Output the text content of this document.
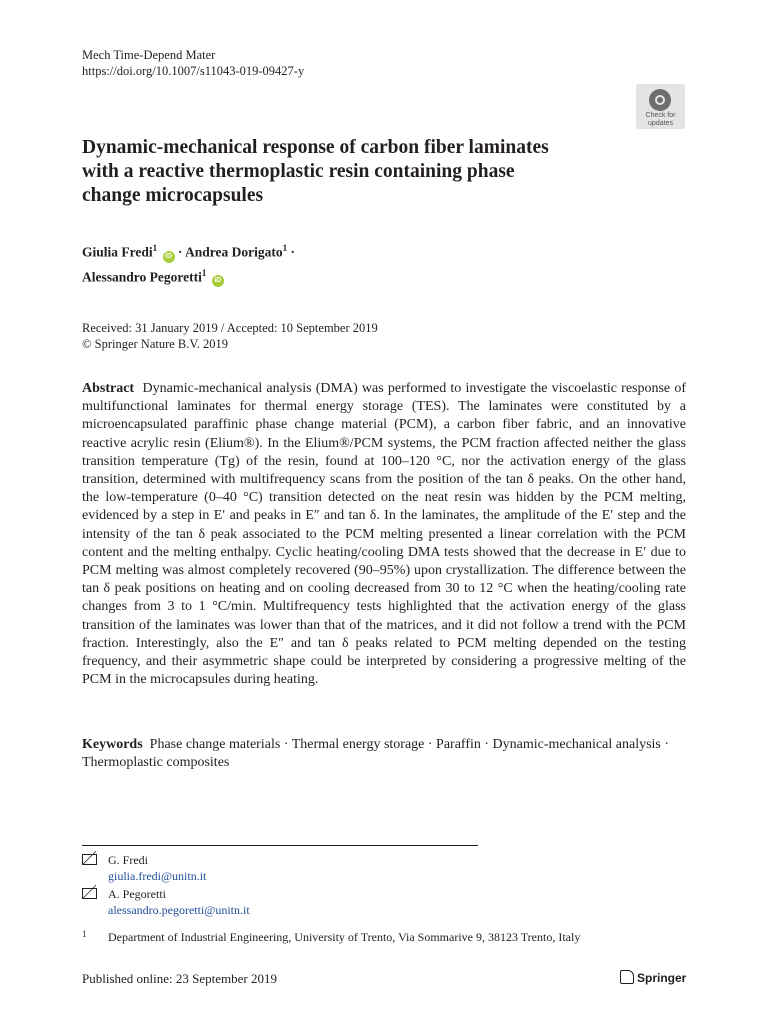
Mech Time-Depend Mater
https://doi.org/10.1007/s11043-019-09427-y
Check for
updates
Dynamic-mechanical response of carbon fiber laminates
with a reactive thermoplastic resin containing phase
change microcapsules
Giulia Fredi$^1$ iD · Andrea Dorigato$^1$ ·
Alessandro Pegoretti$^1$ iD
Received: 31 January 2019 / Accepted: 10 September 2019
© Springer Nature B.V. 2019
Abstract Dynamic-mechanical analysis (DMA) was performed to investigate the viscoelastic response of multifunctional laminates for thermal energy storage (TES). The laminates were constituted by a microencapsulated paraffinic phase change material (PCM), a carbon fiber fabric, and an innovative reactive acrylic resin (Elium®). In the Elium®/PCM systems, the PCM fraction affected neither the glass transition temperature (Tg) of the resin, found at 100–120 °C, nor the activation energy of the glass transition, determined with multifrequency scans from the position of the tan δ peaks. On the other hand, the low-temperature (0–40 °C) transition detected on the neat resin was hidden by the PCM melting, evidenced by a step in E′ and peaks in E″ and tan δ. In the laminates, the amplitude of the E′ step and the intensity of the tan δ peak associated to the PCM melting presented a linear correlation with the PCM content and the melting enthalpy. Cyclic heating/cooling DMA tests showed that the decrease in E′ due to PCM melting was almost completely recovered (90–95%) upon crystallization. The difference between the tan δ peak positions on heating and on cooling decreased from 30 to 12 °C when the heating/cooling rate changes from 3 to 1 °C/min. Multifrequency tests highlighted that the activation energy of the glass transition of the laminates was lower than that of the matrices, and it did not follow a trend with the PCM fraction. Interestingly, also the E″ and tan δ peaks related to PCM melting depended on the testing frequency, and their asymmetric shape could be interpreted by considering a progressive melting of the PCM in the microcapsules during heating.
Keywords Phase change materials · Thermal energy storage · Paraffin · Dynamic-mechanical analysis · Thermoplastic composites
G. Fredi
giulia.fredi@unitn.it
A. Pegoretti
alessandro.pegoretti@unitn.it
1 Department of Industrial Engineering, University of Trento, Via Sommarive 9, 38123 Trento, Italy
Published online: 23 September 2019	Springer
